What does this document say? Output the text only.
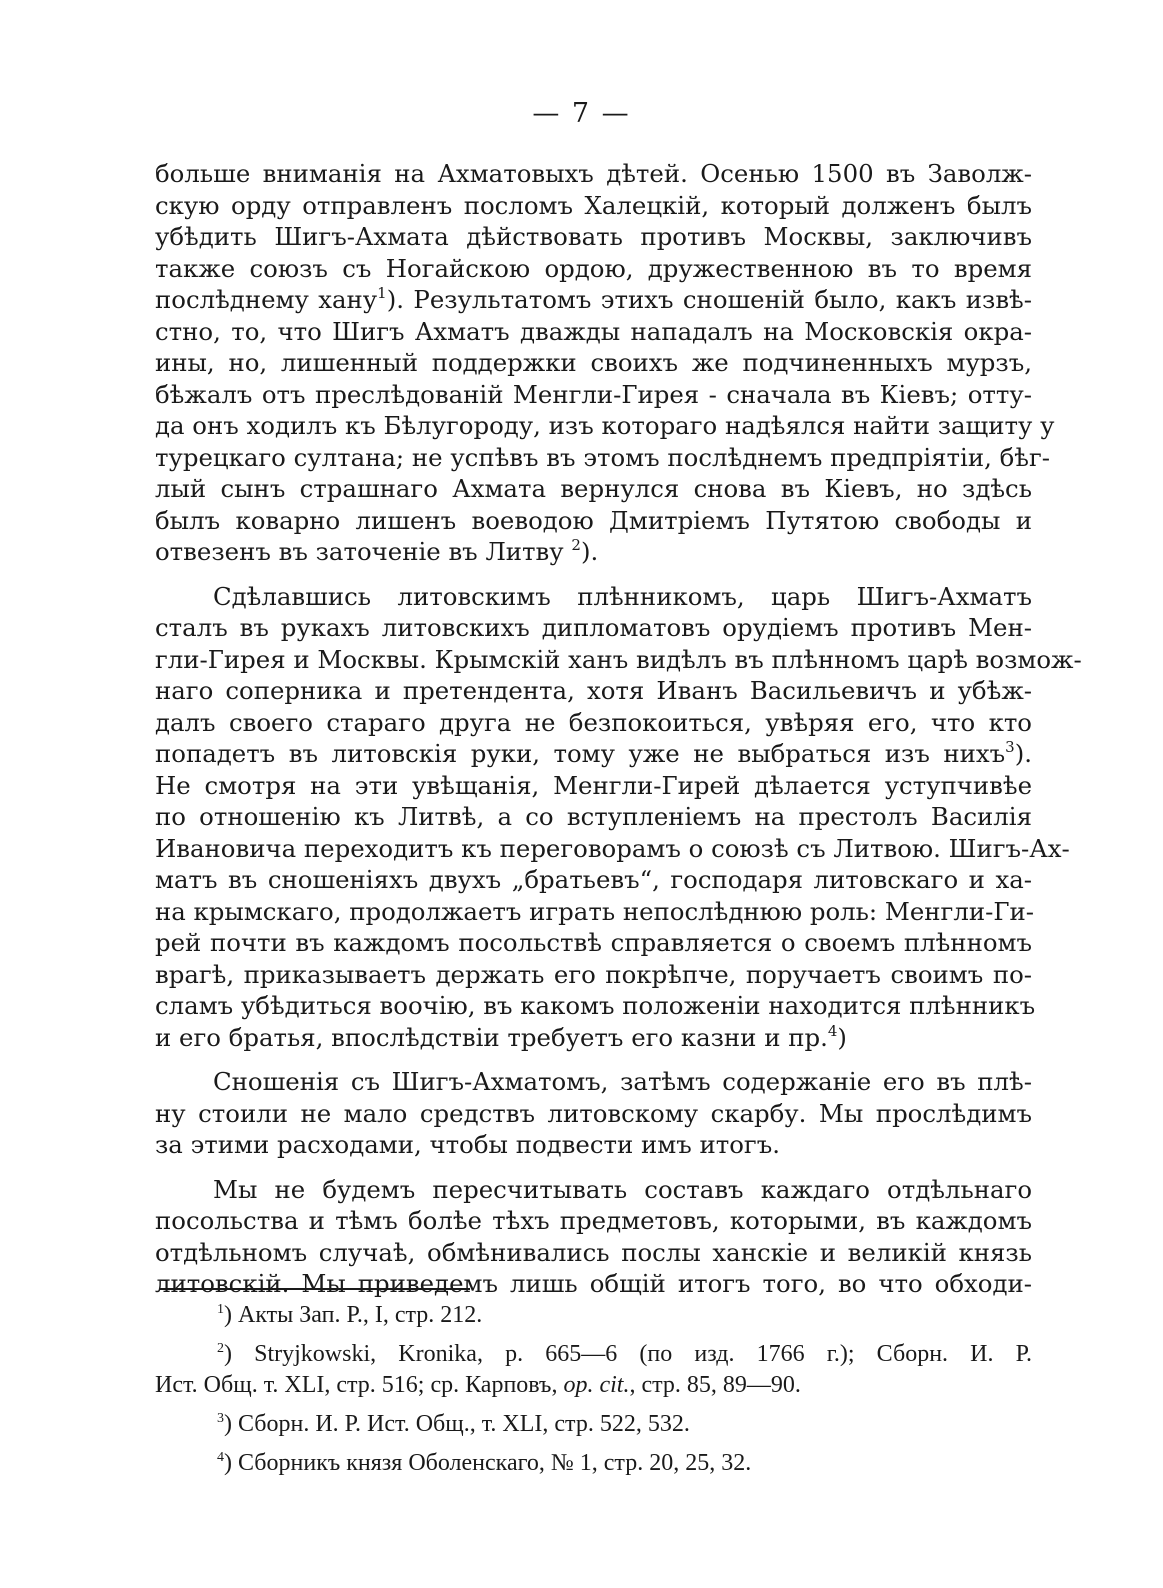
— 7 —
больше вниманія на Ахматовыхъ дѣтей. Осенью 1500 въ Заволж-
скую орду отправленъ посломъ Халецкій, который долженъ былъ
убѣдить Шигъ-Ахмата дѣйствовать противъ Москвы, заключивъ
также союзъ съ Ногайскою ордою, дружественною въ то время
послѣднему хану$^1$). Результатомъ этихъ сношеній было, какъ извѣ-
стно, то, что Шигъ Ахматъ дважды нападалъ на Московскія окра-
ины, но, лишенный поддержки своихъ же подчиненныхъ мурзъ,
бѣжалъ отъ преслѣдованій Менгли-Гирея - сначала въ Кіевъ; отту-
да онъ ходилъ къ Бѣлугороду, изъ котораго надѣялся найти защиту у
турецкаго султана; не успѣвъ въ этомъ послѣднемъ предпріятіи, бѣг-
лый сынъ страшнаго Ахмата вернулся снова въ Кіевъ, но здѣсь
былъ коварно лишенъ воеводою Дмитріемъ Путятою свободы и
отвезенъ въ заточеніе въ Литву $^2$).
Сдѣлавшись литовскимъ плѣнникомъ, царь Шигъ-Ахматъ
сталъ въ рукахъ литовскихъ дипломатовъ орудіемъ противъ Мен-
гли-Гирея и Москвы. Крымскій ханъ видѣлъ въ плѣнномъ царѣ возмож-
наго соперника и претендента, хотя Иванъ Васильевичъ и убѣж-
далъ своего стараго друга не безпокоиться, увѣряя его, что кто
попадетъ въ литовскія руки, тому уже не выбраться изъ нихъ$^3$).
Не смотря на эти увѣщанія, Менгли-Гирей дѣлается уступчивѣе
по отношенію къ Литвѣ, а со вступленіемъ на престолъ Василія
Ивановича переходитъ къ переговорамъ о союзѣ съ Литвою. Шигъ-Ах-
матъ въ сношеніяхъ двухъ „братьевъ“, господаря литовскаго и ха-
на крымскаго, продолжаетъ играть непослѣднюю роль: Менгли-Ги-
рей почти въ каждомъ посольствѣ справляется о своемъ плѣнномъ
врагѣ, приказываетъ держать его покрѣпче, поручаетъ своимъ по-
сламъ убѣдиться воочію, въ какомъ положеніи находится плѣнникъ
и его братья, впослѣдствіи требуетъ его казни и пр.$^4$)
Сношенія съ Шигъ-Ахматомъ, затѣмъ содержаніе его въ плѣ-
ну стоили не мало средствъ литовскому скарбу. Мы прослѣдимъ
за этими расходами, чтобы подвести имъ итогъ.
Мы не будемъ пересчитывать составъ каждаго отдѣльнаго
посольства и тѣмъ болѣе тѣхъ предметовъ, которыми, въ каждомъ
отдѣльномъ случаѣ, обмѣнивались послы ханскіе и великій князь
литовскій. Мы приведемъ лишь общій итогъ того, во что обходи-
$^1$) Акты Зап. Р., I, стр. 212.
$^2$) Stryjkowski, Kronika, p. 665—6 (по изд. 1766 г.); Сборн. И. Р.
Ист. Общ. т. XLI, стр. 516; ср. Карповъ, op. cit., стр. 85, 89—90.
$^3$) Сборн. И. Р. Ист. Общ., т. XLI, стр. 522, 532.
$^4$) Сборникъ князя Оболенскаго, № 1, стр. 20, 25, 32.
